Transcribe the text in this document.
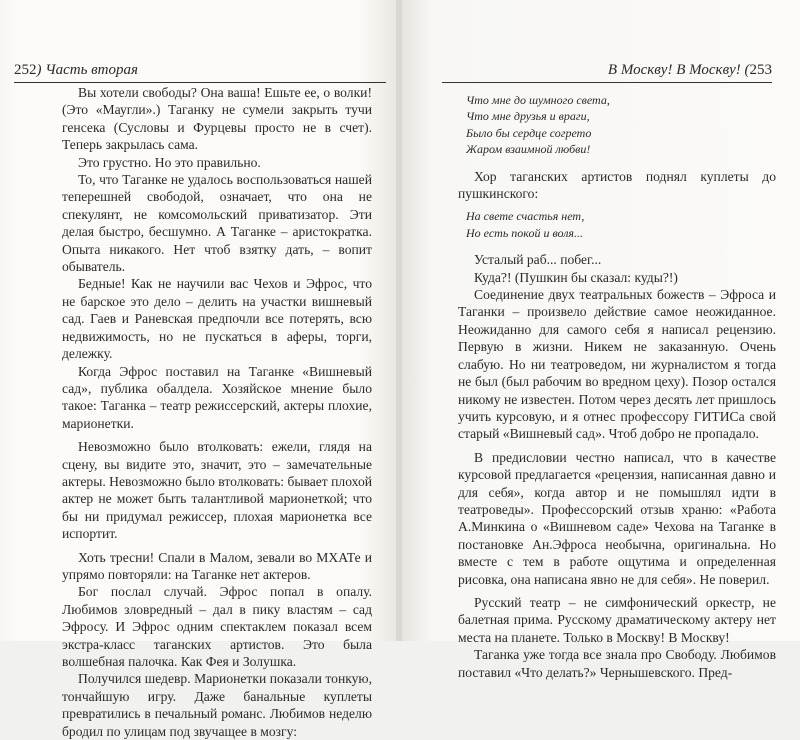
252) Часть вторая

Вы хотели свободы? Она ваша! Ешьте ее, о волки! (Это «Маугли».) Таганку не сумели закрыть тучи генсека (Сусловы и Фурцевы просто не в счет). Теперь закрылась сама.

Это грустно. Но это правильно.

То, что Таганке не удалось воспользоваться нашей теперешней свободой, означает, что она не спекулянт, не комсомольский приватизатор. Эти делая быстро, бесшумно. А Таганке – аристократка. Опыта никакого. Нет чтоб взятку дать, – вопит обыватель.

Бедные! Как не научили вас Чехов и Эфрос, что не барское это дело – делить на участки вишневый сад. Гаев и Раневская предпочли все потерять, всю недвижимость, но не пускаться в аферы, торги, дележку.

Когда Эфрос поставил на Таганке «Вишневый сад», публика обалдела. Хозяйское мнение было такое: Таганка – театр режиссерский, актеры плохие, марионетки.

Невозможно было втолковать: ежели, глядя на сцену, вы видите это, значит, это – замечательные актеры. Невозможно было втолковать: бывает плохой актер не может быть талантливой марионеткой; что бы ни придумал режиссер, плохая марионетка все испортит.

Хоть тресни! Спали в Малом, зевали во МХАТе и упрямо повторяли: на Таганке нет актеров.

Бог послал случай. Эфрос попал в опалу. Любимов зловредный – дал в пику властям – сад Эфросу. И Эфрос одним спектаклем показал всем экстра-класс таганских артистов. Это была волшебная палочка. Как Фея и Золушка.

Получился шедевр. Марионетки показали тонкую, тончайшую игру. Даже банальные куплеты превратились в печальный романс. Любимов неделю бродил по улицам под звучащее в мозгу:

В Москву! В Москву! (253
Что мне до шумного света,
Что мне друзья и враги,
Было бы сердце согрето
Жаром взаимной любви!

Хор таганских артистов поднял куплеты до пушкинского:

На свете счастья нет,
Но есть покой и воля...

Усталый раб... побег...

Куда?! (Пушкин бы сказал: куды?!)

Соединение двух театральных божеств – Эфроса и Таганки – произвело действие самое неожиданное. Неожиданно для самого себя я написал рецензию. Первую в жизни. Никем не заказанную. Очень слабую. Но ни театроведом, ни журналистом я тогда не был (был рабочим во вредном цеху). Позор остался никому не известен. Потом через десять лет пришлось учить курсовую, и я отнес профессору ГИТИСа свой старый «Вишневый сад». Чтоб добро не пропадало.

В предисловии честно написал, что в качестве курсовой предлагается «рецензия, написанная давно и для себя», когда автор и не помышлял идти в театроведы». Профессорский отзыв храню: «Работа А.Минкина о «Вишневом саде» Чехова на Таганке в постановке Ан.Эфроса необычна, оригинальна. Но вместе с тем в работе ощутима и определенная рисовка, она написана явно не для себя». Не поверил.

Русский театр – не симфонический оркестр, не балетная прима. Русскому драматическому актеру нет места на планете. Только в Москву! В Москву!

Таганка уже тогда все знала про Свободу. Любимов поставил «Что делать?» Чернышевского. Пред-
